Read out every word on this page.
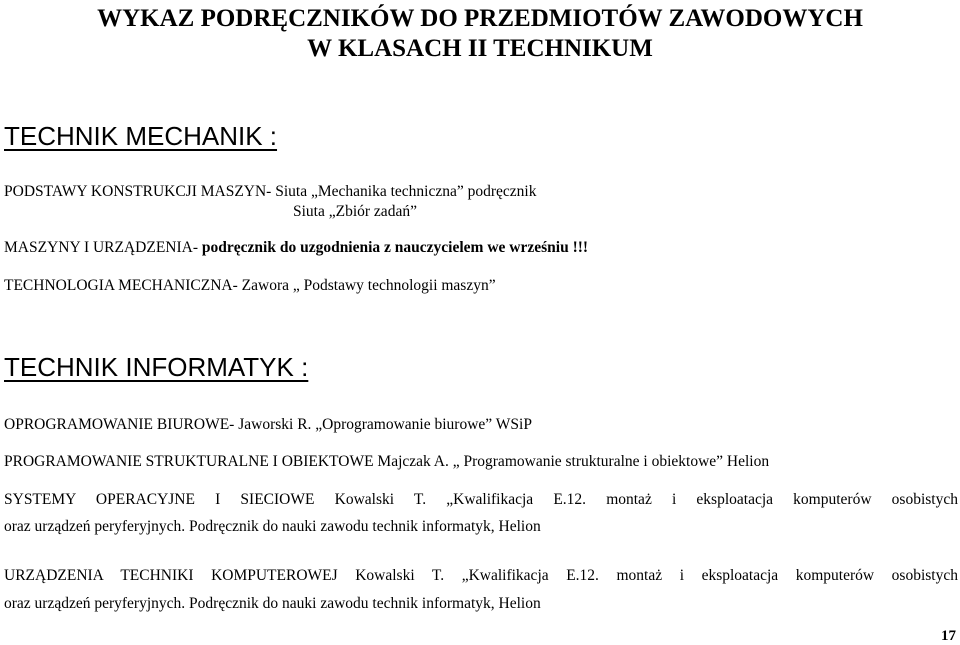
WYKAZ PODRĘCZNIKÓW DO PRZEDMIOTÓW ZAWODOWYCH
W KLASACH II TECHNIKUM
TECHNIK MECHANIK :
PODSTAWY KONSTRUKCJI MASZYN- Siuta „Mechanika techniczna” podręcznik
Siuta „Zbiór zadań”
MASZYNY I URZĄDZENIA- podręcznik do uzgodnienia z nauczycielem we wrześniu !!!
TECHNOLOGIA MECHANICZNA- Zawora „ Podstawy technologii maszyn”
TECHNIK INFORMATYK :
OPROGRAMOWANIE BIUROWE- Jaworski R. „Oprogramowanie biurowe” WSiP
PROGRAMOWANIE STRUKTURALNE I OBIEKTOWE Majczak A. „ Programowanie strukturalne i obiektowe” Helion
SYSTEMY OPERACYJNE I SIECIOWE Kowalski T. „Kwalifikacja E.12. montaż i eksploatacja komputerów osobistych
oraz urządzeń peryferyjnych. Podręcznik do nauki zawodu technik informatyk, Helion
URZĄDZENIA TECHNIKI KOMPUTEROWEJ Kowalski T. „Kwalifikacja E.12. montaż i eksploatacja komputerów osobistych
oraz urządzeń peryferyjnych. Podręcznik do nauki zawodu technik informatyk, Helion
17
